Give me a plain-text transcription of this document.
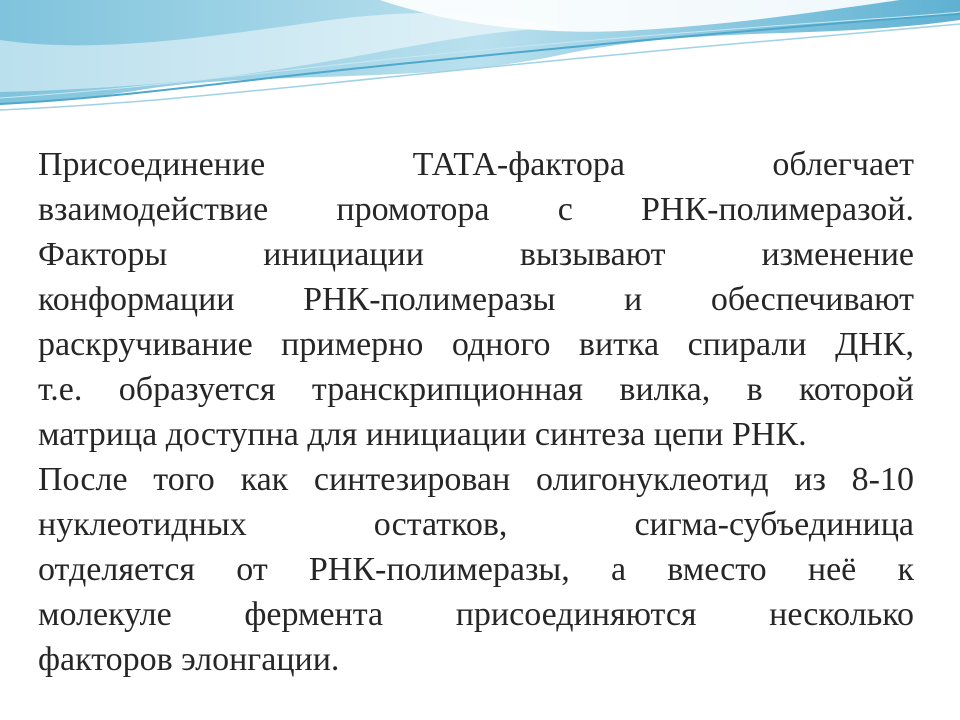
Присоединение ТАТА-фактора облегчает
взаимодействие промотора с РНК-полимеразой.
Факторы инициации вызывают изменение
конформации РНК-полимеразы и обеспечивают
раскручивание примерно одного витка спирали ДНК,
т.е. образуется транскрипционная вилка, в которой
матрица доступна для инициации синтеза цепи РНК.

После того как синтезирован олигонуклеотид из 8-10
нуклеотидных остатков, сигма-субъединица
отделяется от РНК-полимеразы, а вместо неё к
молекуле фермента присоединяются несколько
факторов элонгации.
